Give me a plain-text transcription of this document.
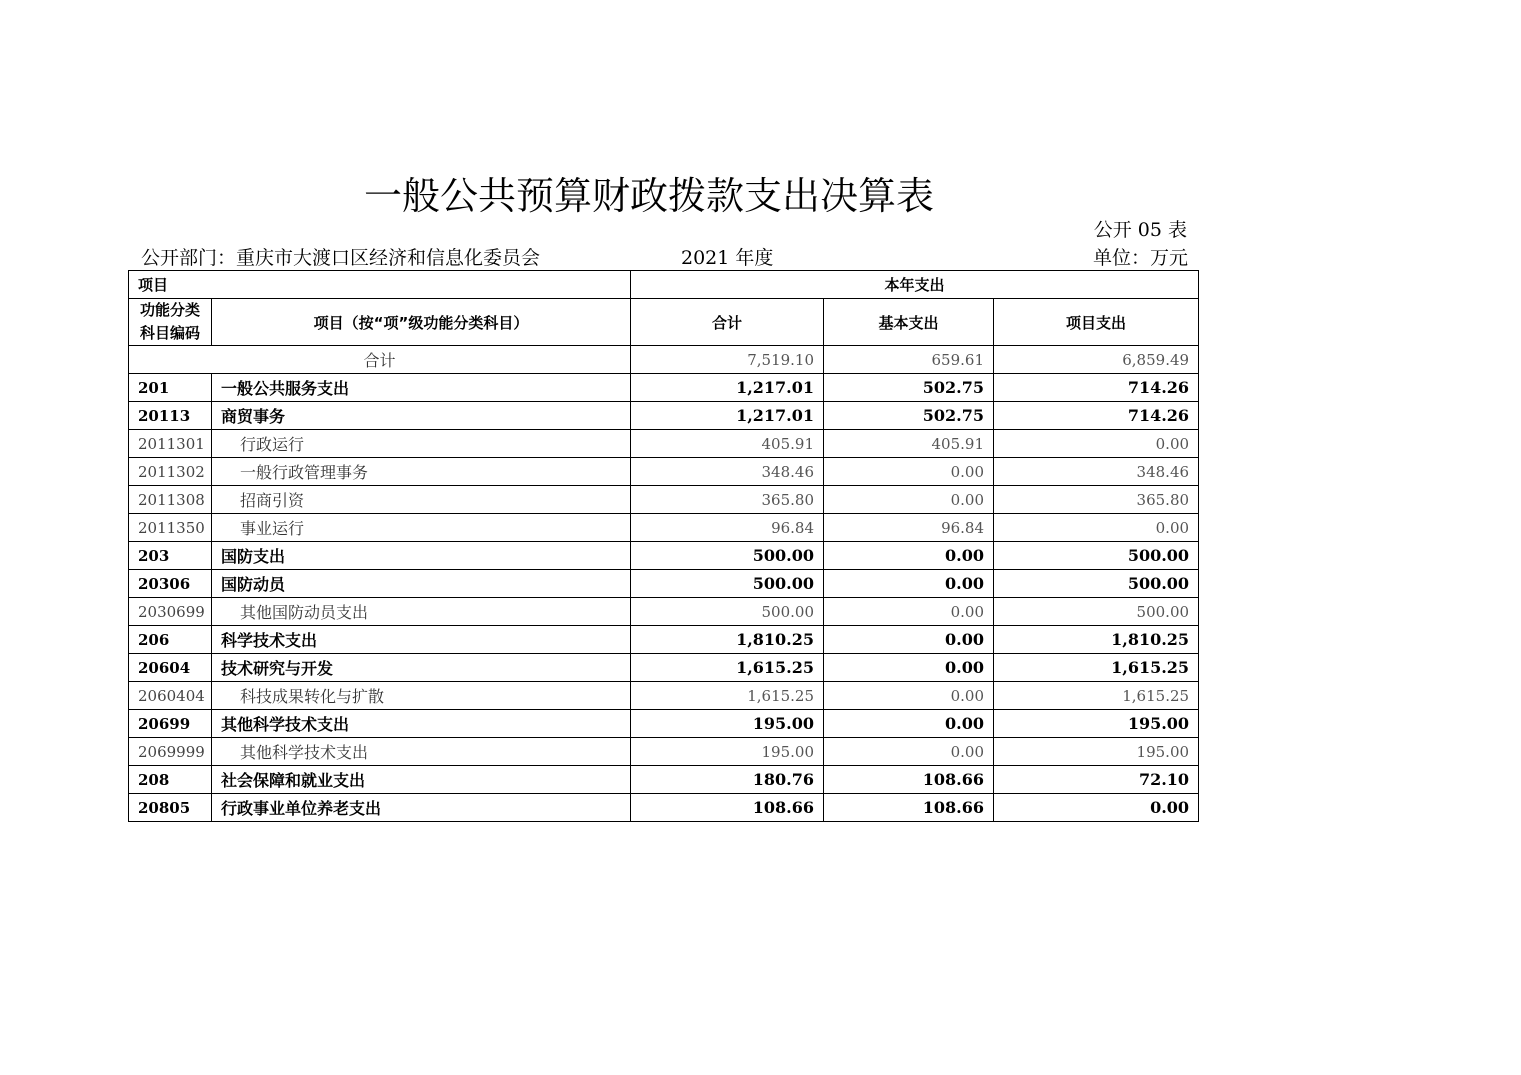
一般公共预算财政拨款支出决算表
公开 05 表
公开部门：重庆市大渡口区经济和信息化委员会	2021 年度	单位：万元
项目		本年支出		
功能分类科目编码	项目（按“项”级功能分类科目）	合计	基本支出	项目支出
合计		7,519.10	659.61	6,859.49
201	一般公共服务支出	1,217.01	502.75	714.26
20113	商贸事务	1,217.01	502.75	714.26
2011301	行政运行	405.91	405.91	0.00
2011302	一般行政管理事务	348.46	0.00	348.46
2011308	招商引资	365.80	0.00	365.80
2011350	事业运行	96.84	96.84	0.00
203	国防支出	500.00	0.00	500.00
20306	国防动员	500.00	0.00	500.00
2030699	其他国防动员支出	500.00	0.00	500.00
206	科学技术支出	1,810.25	0.00	1,810.25
20604	技术研究与开发	1,615.25	0.00	1,615.25
2060404	科技成果转化与扩散	1,615.25	0.00	1,615.25
20699	其他科学技术支出	195.00	0.00	195.00
2069999	其他科学技术支出	195.00	0.00	195.00
208	社会保障和就业支出	180.76	108.66	72.10
20805	行政事业单位养老支出	108.66	108.66	0.00
